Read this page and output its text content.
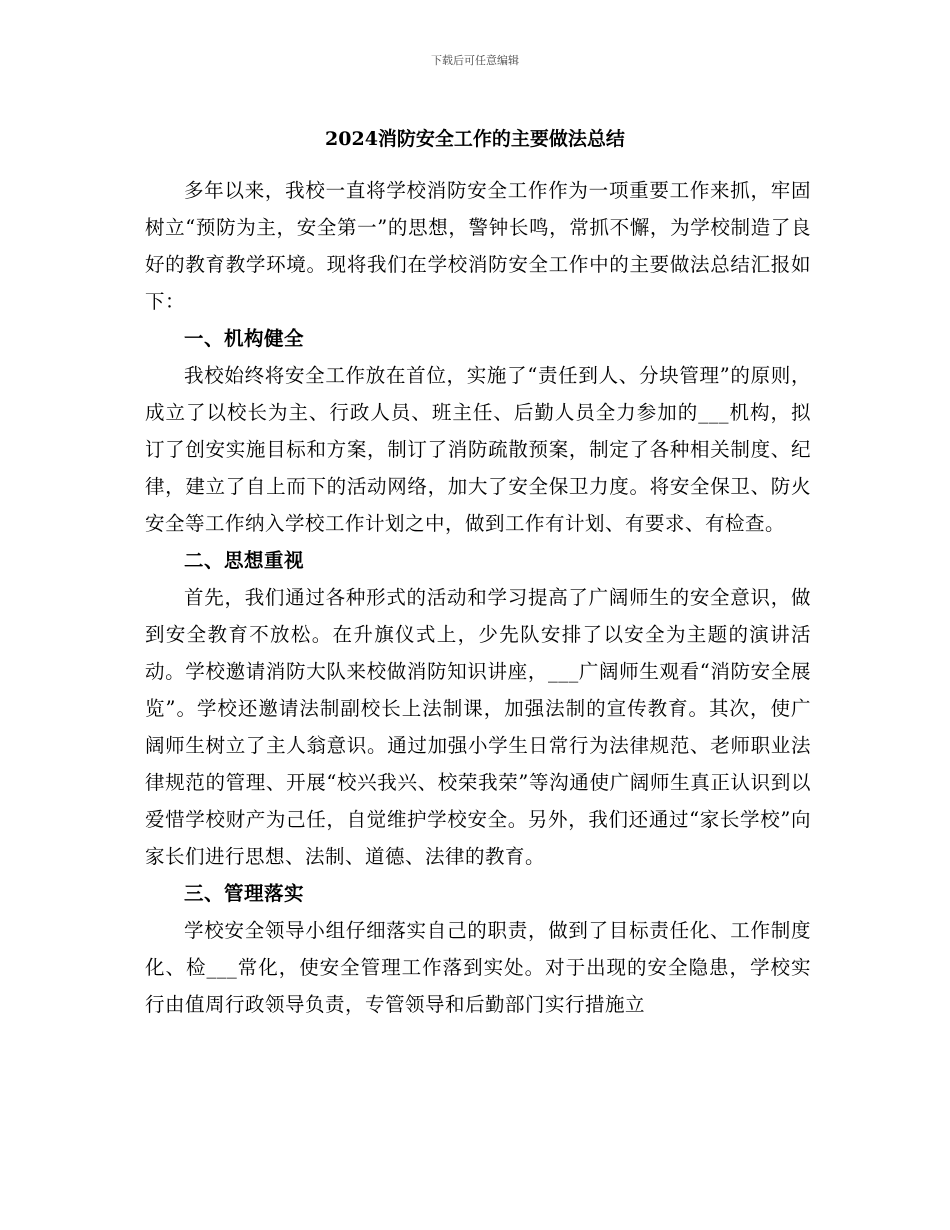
下载后可任意编辑
2024消防安全工作的主要做法总结

多年以来，我校一直将学校消防安全工作作为一项重要工作来抓，牢固树立“预防为主，安全第一”的思想，警钟长鸣，常抓不懈，为学校制造了良好的教育教学环境。现将我们在学校消防安全工作中的主要做法总结汇报如下：

一、机构健全

我校始终将安全工作放在首位，实施了“责任到人、分块管理”的原则，成立了以校长为主、行政人员、班主任、后勤人员全力参加的___机构，拟订了创安实施目标和方案，制订了消防疏散预案，制定了各种相关制度、纪律，建立了自上而下的活动网络，加大了安全保卫力度。将安全保卫、防火安全等工作纳入学校工作计划之中，做到工作有计划、有要求、有检查。

二、思想重视

首先，我们通过各种形式的活动和学习提高了广阔师生的安全意识，做到安全教育不放松。在升旗仪式上，少先队安排了以安全为主题的演讲活动。学校邀请消防大队来校做消防知识讲座，___广阔师生观看“消防安全展览”。学校还邀请法制副校长上法制课，加强法制的宣传教育。其次，使广阔师生树立了主人翁意识。通过加强小学生日常行为法律规范、老师职业法律规范的管理、开展“校兴我兴、校荣我荣”等沟通使广阔师生真正认识到以爱惜学校财产为己任，自觉维护学校安全。另外，我们还通过“家长学校”向家长们进行思想、法制、道德、法律的教育。

三、管理落实

学校安全领导小组仔细落实自己的职责，做到了目标责任化、工作制度化、检___常化，使安全管理工作落到实处。对于出现的安全隐患，学校实行由值周行政领导负责，专管领导和后勤部门实行措施立
